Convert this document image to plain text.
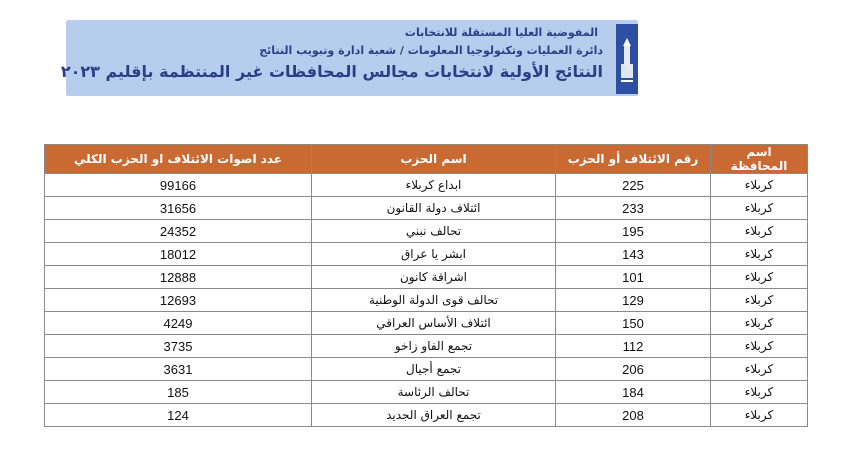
المفوضية العليا المستقلة للانتخابات
دائرة العمليات وتكنولوجيا المعلومات / شعبة ادارة وتبويب النتائج
النتائج الأولية لانتخابات مجالس المحافظات غير المنتظمة بإقليم ٢٠٢٣
اسم المحافظة	رقم الائتلاف أو الحزب	اسم الحزب	عدد اصوات الائتلاف او الحزب الكلي
كربلاء	225	ابداع كربلاء	99166
كربلاء	233	ائتلاف دولة القانون	31656
كربلاء	195	تحالف نبني	24352
كربلاء	143	ابشر يا عراق	18012
كربلاء	101	اشراقة كانون	12888
كربلاء	129	تحالف قوى الدولة الوطنية	12693
كربلاء	150	ائتلاف الأساس العراقي	4249
كربلاء	112	تجمع الفاو زاخو	3735
كربلاء	206	تجمع أجيال	3631
كربلاء	184	تحالف الرئاسة	185
كربلاء	208	تجمع العراق الجديد	124
